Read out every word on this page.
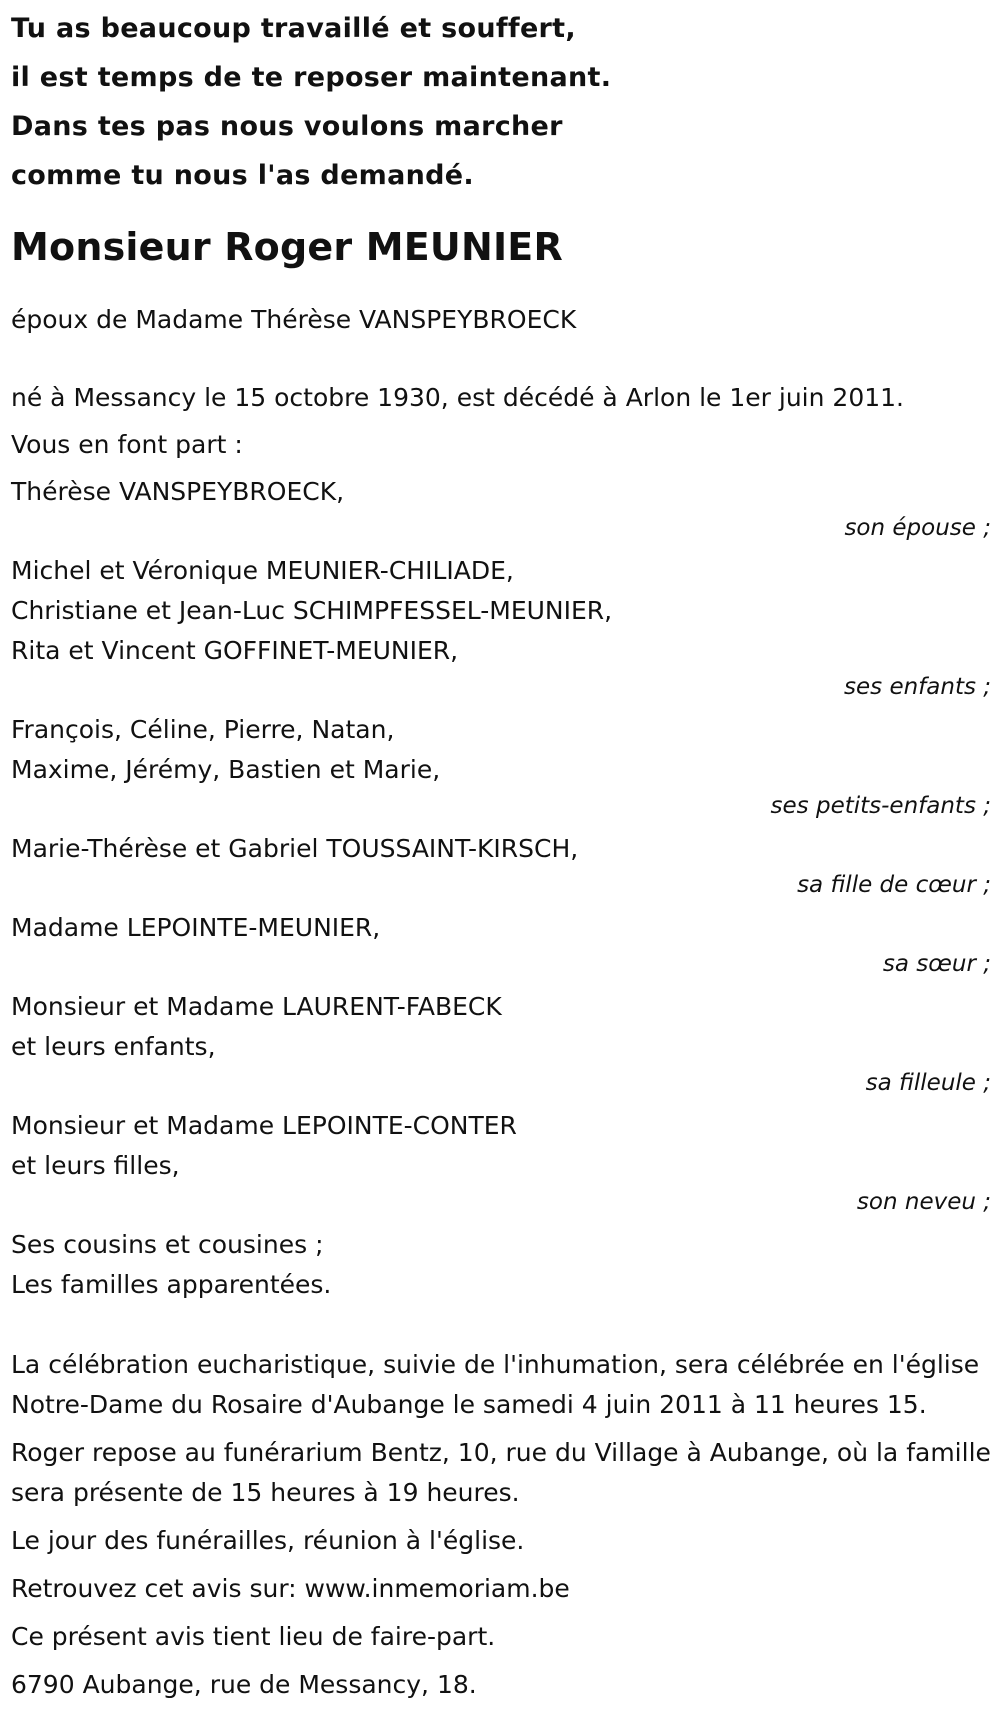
Tu as beaucoup travaillé et souffert,
il est temps de te reposer maintenant.
Dans tes pas nous voulons marcher
comme tu nous l'as demandé.
Monsieur Roger MEUNIER
époux de Madame Thérèse VANSPEYBROECK
né à Messancy le 15 octobre 1930, est décédé à Arlon le 1er juin 2011.
Vous en font part :
Thérèse VANSPEYBROECK,
son épouse ;
Michel et Véronique MEUNIER-CHILIADE,
Christiane et Jean-Luc SCHIMPFESSEL-MEUNIER,
Rita et Vincent GOFFINET-MEUNIER,
ses enfants ;
François, Céline, Pierre, Natan,
Maxime, Jérémy, Bastien et Marie,
ses petits-enfants ;
Marie-Thérèse et Gabriel TOUSSAINT-KIRSCH,
sa fille de cœur ;
Madame LEPOINTE-MEUNIER,
sa sœur ;
Monsieur et Madame LAURENT-FABECK
et leurs enfants,
sa filleule ;
Monsieur et Madame LEPOINTE-CONTER
et leurs filles,
son neveu ;
Ses cousins et cousines ;
Les familles apparentées.
La célébration eucharistique, suivie de l'inhumation, sera célébrée en l'église Notre-Dame du Rosaire d'Aubange le samedi 4 juin 2011 à 11 heures 15.
Roger repose au funérarium Bentz, 10, rue du Village à Aubange, où la famille sera présente de 15 heures à 19 heures.
Le jour des funérailles, réunion à l'église.
Retrouvez cet avis sur: www.inmemoriam.be
Ce présent avis tient lieu de faire-part.
6790 Aubange, rue de Messancy, 18.
